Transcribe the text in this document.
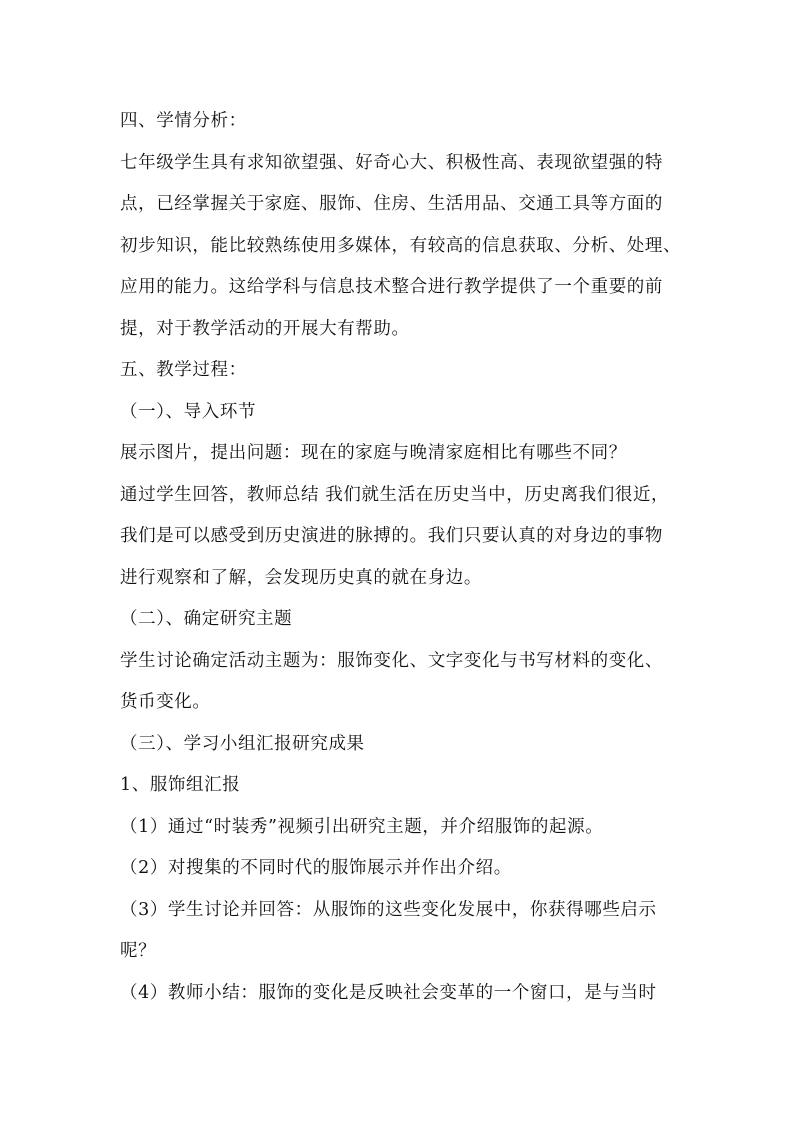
四、学情分析：
七年级学生具有求知欲望强、好奇心大、积极性高、表现欲望强的特
点，已经掌握关于家庭、服饰、住房、生活用品、交通工具等方面的
初步知识，能比较熟练使用多媒体，有较高的信息获取、分析、处理、
应用的能力。这给学科与信息技术整合进行教学提供了一个重要的前
提，对于教学活动的开展大有帮助。
五、教学过程：
（一）、导入环节
展示图片，提出问题：现在的家庭与晚清家庭相比有哪些不同？
通过学生回答，教师总结 我们就生活在历史当中，历史离我们很近，
我们是可以感受到历史演进的脉搏的。我们只要认真的对身边的事物
进行观察和了解，会发现历史真的就在身边。
（二）、确定研究主题
学生讨论确定活动主题为：服饰变化、文字变化与书写材料的变化、
货币变化。
（三）、学习小组汇报研究成果
1、服饰组汇报
（1）通过“时装秀”视频引出研究主题，并介绍服饰的起源。
（2）对搜集的不同时代的服饰展示并作出介绍。
（3）学生讨论并回答：从服饰的这些变化发展中，你获得哪些启示
呢？
（4）教师小结：服饰的变化是反映社会变革的一个窗口，是与当时
